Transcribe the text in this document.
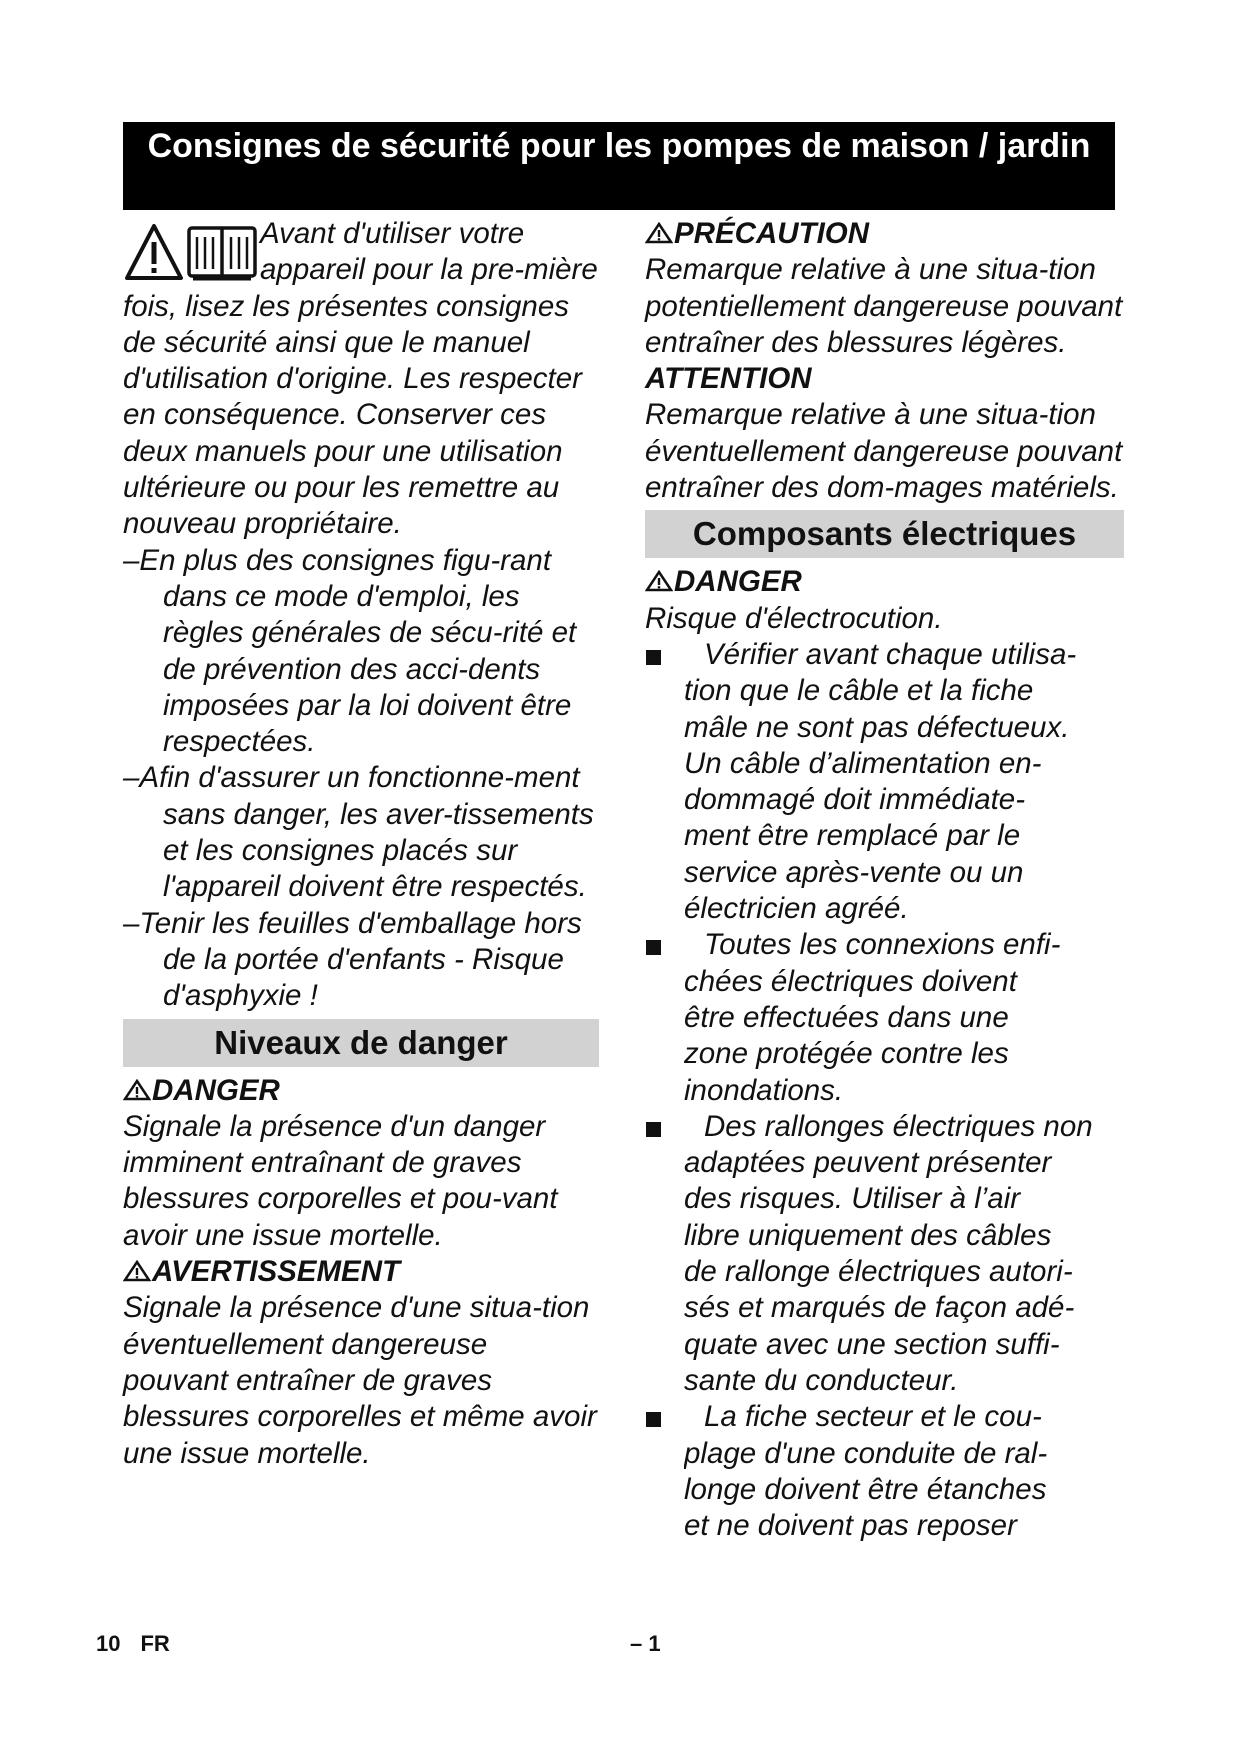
Consignes de sécurité pour les pompes de maison / jardin

Avant d'utiliser votre appareil pour la pre-mière fois, lisez les présentes consignes de sécurité ainsi que le manuel d'utilisation d'origine. Les respecter en conséquence. Conserver ces deux manuels pour une utilisation ultérieure ou pour les remettre au nouveau propriétaire.

–En plus des consignes figu-rant dans ce mode d'emploi, les règles générales de sécu-rité et de prévention des acci-dents imposées par la loi doivent être respectées.

–Afin d'assurer un fonctionne-ment sans danger, les aver-tissements et les consignes placés sur l'appareil doivent être respectés.

–Tenir les feuilles d'emballage hors de la portée d'enfants - Risque d'asphyxie !

Niveaux de danger

DANGER

Signale la présence d'un danger imminent entraînant de graves blessures corporelles et pou-vant avoir une issue mortelle.

AVERTISSEMENT

Signale la présence d'une situa-tion éventuellement dangereuse pouvant entraîner de graves blessures corporelles et même avoir une issue mortelle.

PRÉCAUTION

Remarque relative à une situa-tion potentiellement dangereuse pouvant entraîner des blessures légères.

ATTENTION

Remarque relative à une situa-tion éventuellement dangereuse pouvant entraîner des dom-mages matériels.

Composants électriques

DANGER

Risque d'électrocution.

Vérifier avant chaque utilisa-
tion que le câble et la fiche
mâle ne sont pas défectueux.
Un câble d’alimentation en-
dommagé doit immédiate-
ment être remplacé par le
service après-vente ou un
électricien agréé.
Toutes les connexions enfi-
chées électriques doivent
être effectuées dans une
zone protégée contre les
inondations.
Des rallonges électriques non
adaptées peuvent présenter
des risques. Utiliser à l’air
libre uniquement des câbles
de rallonge électriques autori-
sés et marqués de façon adé-
quate avec une section suffi-
sante du conducteur.
La fiche secteur et le cou-
plage d'une conduite de ral-
longe doivent être étanches
et ne doivent pas reposer
10 FR	– 1
